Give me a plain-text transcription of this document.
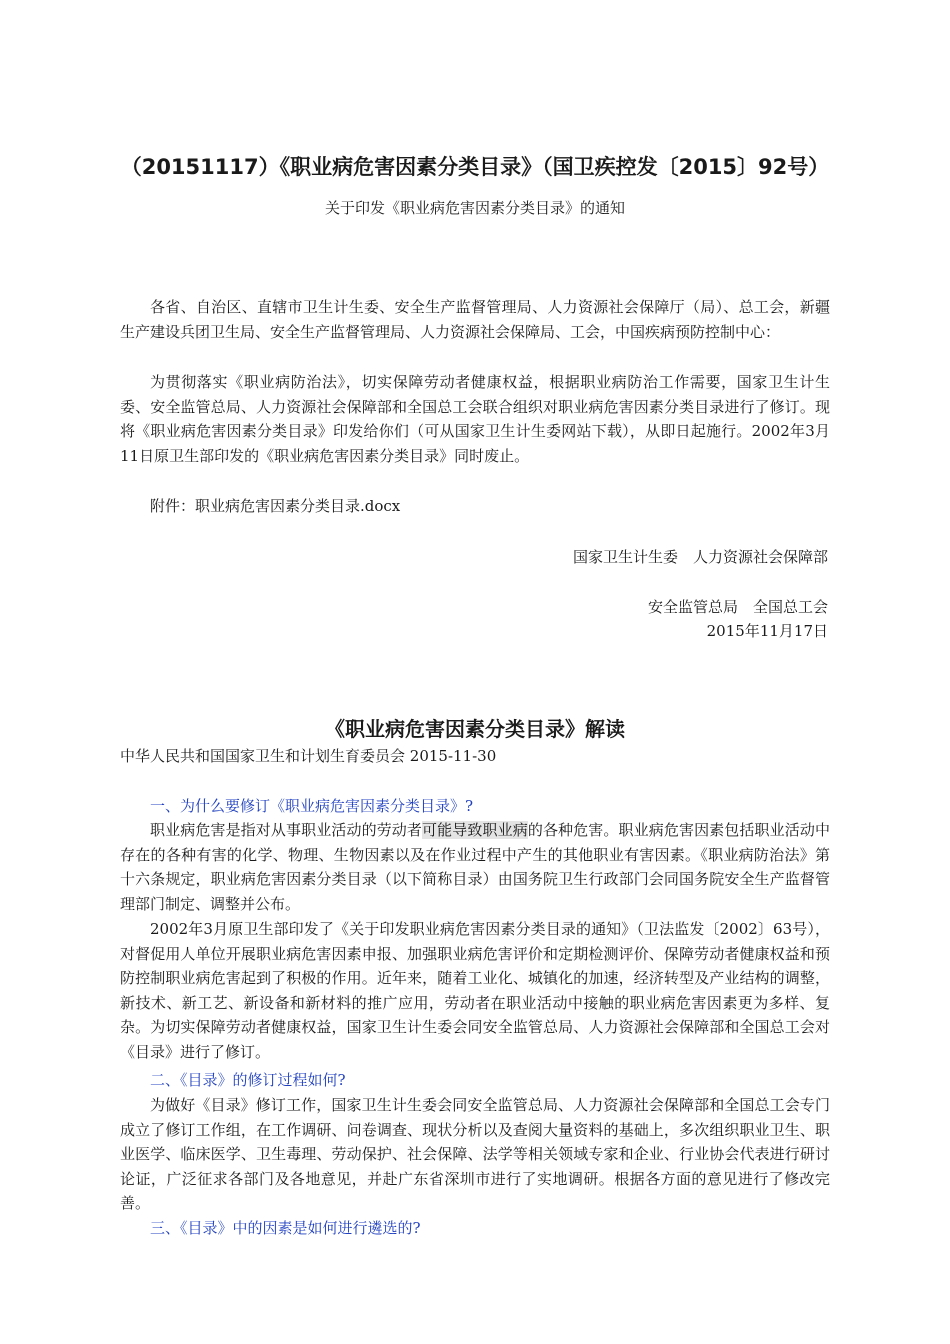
（20151117）《职业病危害因素分类目录》（国卫疾控发〔2015〕92号）
关于印发《职业病危害因素分类目录》的通知

各省、自治区、直辖市卫生计生委、安全生产监督管理局、人力资源社会保障厅（局）、总工会，新疆生产建设兵团卫生局、安全生产监督管理局、人力资源社会保障局、工会，中国疾病预防控制中心：

为贯彻落实《职业病防治法》，切实保障劳动者健康权益，根据职业病防治工作需要，国家卫生计生委、安全监管总局、人力资源社会保障部和全国总工会联合组织对职业病危害因素分类目录进行了修订。现将《职业病危害因素分类目录》印发给你们（可从国家卫生计生委网站下载），从即日起施行。2002年3月11日原卫生部印发的《职业病危害因素分类目录》同时废止。

附件：职业病危害因素分类目录.docx

国家卫生计生委　人力资源社会保障部
安全监管总局　全国总工会
2015年11月17日
《职业病危害因素分类目录》解读
中华人民共和国国家卫生和计划生育委员会 2015-11-30
一、为什么要修订《职业病危害因素分类目录》?

职业病危害是指对从事职业活动的劳动者可能导致职业病的各种危害。职业病危害因素包括职业活动中存在的各种有害的化学、物理、生物因素以及在作业过程中产生的其他职业有害因素。《职业病防治法》第十六条规定，职业病危害因素分类目录（以下简称目录）由国务院卫生行政部门会同国务院安全生产监督管理部门制定、调整并公布。

2002年3月原卫生部印发了《关于印发职业病危害因素分类目录的通知》（卫法监发〔2002〕63号），对督促用人单位开展职业病危害因素申报、加强职业病危害评价和定期检测评价、保障劳动者健康权益和预防控制职业病危害起到了积极的作用。近年来，随着工业化、城镇化的加速，经济转型及产业结构的调整，新技术、新工艺、新设备和新材料的推广应用，劳动者在职业活动中接触的职业病危害因素更为多样、复杂。为切实保障劳动者健康权益，国家卫生计生委会同安全监管总局、人力资源社会保障部和全国总工会对《目录》进行了修订。

二、《目录》的修订过程如何?

为做好《目录》修订工作，国家卫生计生委会同安全监管总局、人力资源社会保障部和全国总工会专门成立了修订工作组，在工作调研、问卷调查、现状分析以及查阅大量资料的基础上，多次组织职业卫生、职业医学、临床医学、卫生毒理、劳动保护、社会保障、法学等相关领域专家和企业、行业协会代表进行研讨论证，广泛征求各部门及各地意见，并赴广东省深圳市进行了实地调研。根据各方面的意见进行了修改完善。

三、《目录》中的因素是如何进行遴选的?
